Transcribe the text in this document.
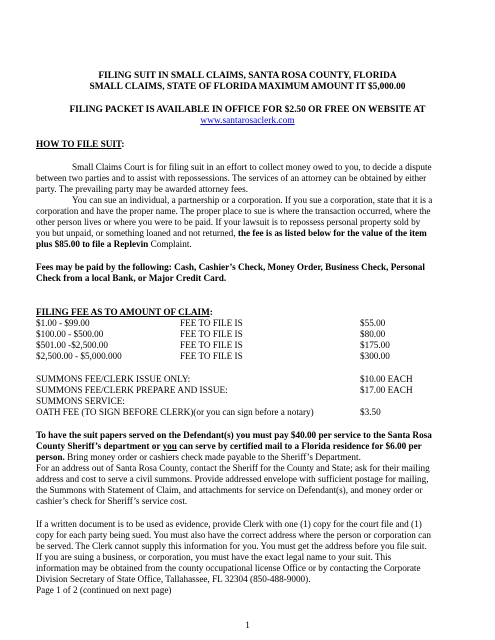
FILING SUIT IN SMALL CLAIMS, SANTA ROSA COUNTY, FLORIDA
SMALL CLAIMS, STATE OF FLORIDA MAXIMUM AMOUNT IT $5,000.00
FILING PACKET IS AVAILABLE IN OFFICE FOR $2.50 OR FREE ON WEBSITE AT
www.santarosaclerk.com
HOW TO FILE SUIT:
Small Claims Court is for filing suit in an effort to collect money owed to you, to decide a dispute
between two parties and to assist with repossessions. The services of an attorney can be obtained by either
party. The prevailing party may be awarded attorney fees.
You can sue an individual, a partnership or a corporation. If you sue a corporation, state that it is a
corporation and have the proper name. The proper place to sue is where the transaction occurred, where the
other person lives or where you were to be paid. If your lawsuit is to repossess personal property sold by
you but unpaid, or something loaned and not returned, the fee is as listed below for the value of the item
plus $85.00 to file a Replevin Complaint.
Fees may be paid by the following: Cash, Cashier’s Check, Money Order, Business Check, Personal
Check from a local Bank, or Major Credit Card.
FILING FEE AS TO AMOUNT OF CLAIM:
$1.00 - $99.00	FEE TO FILE IS	$55.00
$100.00 - $500.00	FEE TO FILE IS	$80.00
$501.00 -$2,500.00	FEE TO FILE IS	$175.00
$2,500.00 - $5,000.000	FEE TO FILE IS	$300.00
SUMMONS FEE/CLERK ISSUE ONLY:	$10.00 EACH
SUMMONS FEE/CLERK PREPARE AND ISSUE:	$17.00 EACH
SUMMONS SERVICE:
OATH FEE (TO SIGN BEFORE CLERK)(or you can sign before a notary)	$3.50
To have the suit papers served on the Defendant(s) you must pay $40.00 per service to the Santa Rosa
County Sheriff’s department or you can serve by certified mail to a Florida residence for $6.00 per
person. Bring money order or cashiers check made payable to the Sheriff’s Department.
For an address out of Santa Rosa County, contact the Sheriff for the County and State; ask for their mailing
address and cost to serve a civil summons. Provide addressed envelope with sufficient postage for mailing,
the Summons with Statement of Claim, and attachments for service on Defendant(s), and money order or
cashier’s check for Sheriff’s service cost.
If a written document is to be used as evidence, provide Clerk with one (1) copy for the court file and (1)
copy for each party being sued. You must also have the correct address where the person or corporation can
be served. The Clerk cannot supply this information for you. You must get the address before you file suit.
If you are suing a business, or corporation, you must have the exact legal name to your suit. This
information may be obtained from the county occupational license Office or by contacting the Corporate
Division Secretary of State Office, Tallahassee, FL 32304 (850-488-9000).
Page 1 of 2 (continued on next page)
1
